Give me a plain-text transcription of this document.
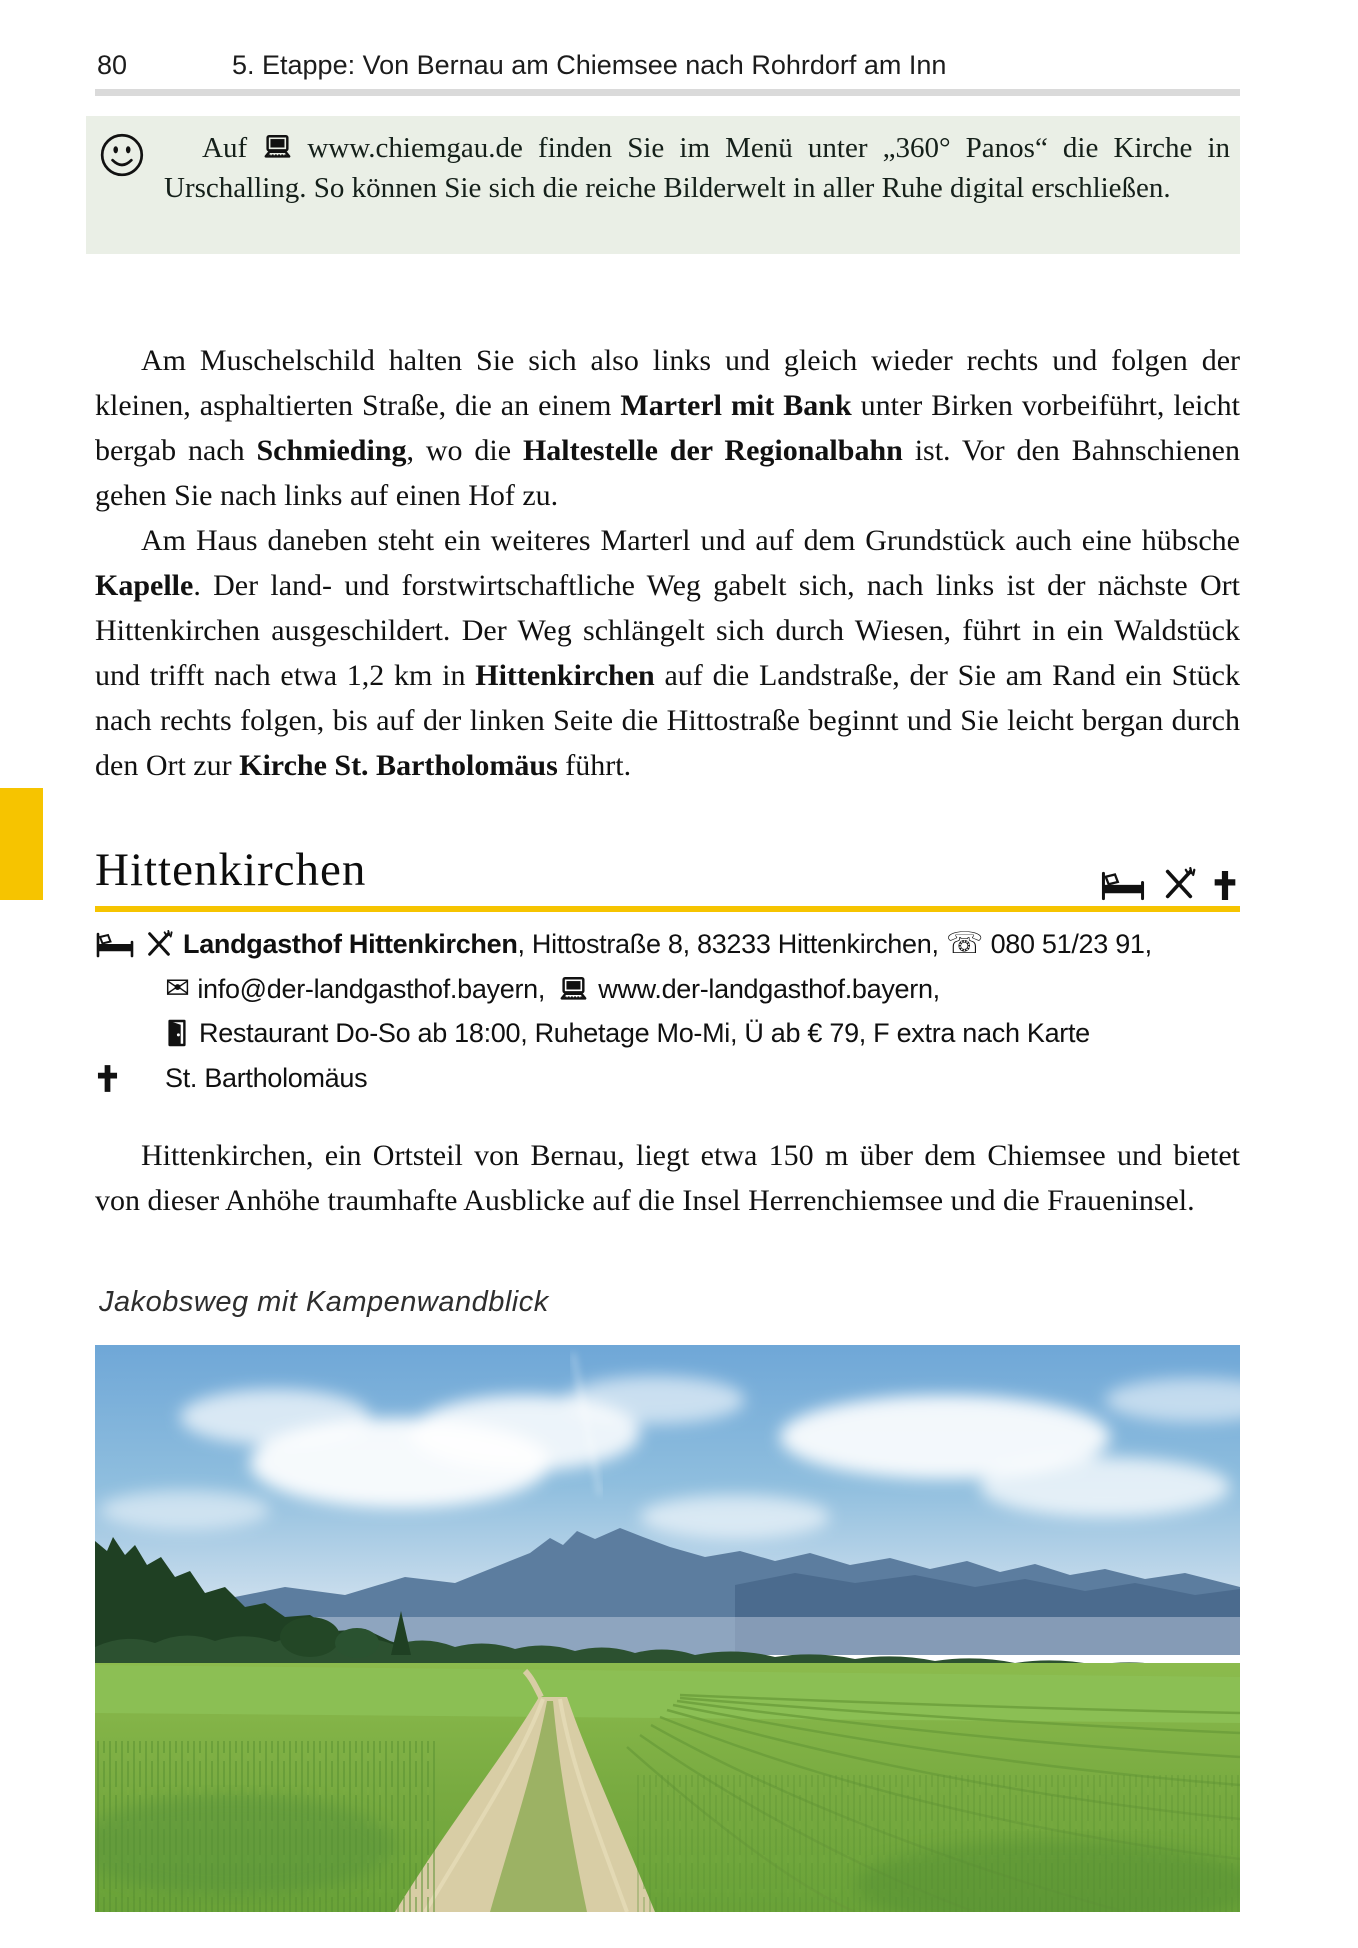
80	5. Etappe: Von Bernau am Chiemsee nach Rohrdorf am Inn
Auf www.chiemgau.de finden Sie im Menü unter „360° Panos“ die Kirche in Urschalling. So können Sie sich die reiche Bilderwelt in aller Ruhe digital erschließen.

Am Muschelschild halten Sie sich also links und gleich wieder rechts und folgen der kleinen, asphaltierten Straße, die an einem Marterl mit Bank unter Birken vorbeiführt, leicht bergab nach Schmieding, wo die Haltestelle der Regionalbahn ist. Vor den Bahnschienen gehen Sie nach links auf einen Hof zu.

Am Haus daneben steht ein weiteres Marterl und auf dem Grundstück auch eine hübsche Kapelle. Der land- und forstwirtschaftliche Weg gabelt sich, nach links ist der nächste Ort Hittenkirchen ausgeschildert. Der Weg schlängelt sich durch Wiesen, führt in ein Waldstück und trifft nach etwa 1,2 km in Hittenkirchen auf die Landstraße, der Sie am Rand ein Stück nach rechts folgen, bis auf der linken Seite die Hittostraße beginnt und Sie leicht bergan durch den Ort zur Kirche St. Bartholomäus führt.

Hittenkirchen
Landgasthof Hittenkirchen, Hittostraße 8, 83233 Hittenkirchen, ☏ 080 51/23 91,
✉ info@der-landgasthof.bayern, www.der-landgasthof.bayern,
Restaurant Do-So ab 18:00, Ruhetage Mo-Mi, Ü ab € 79, F extra nach Karte
St. Bartholomäus

Hittenkirchen, ein Ortsteil von Bernau, liegt etwa 150 m über dem Chiemsee und bietet von dieser Anhöhe traumhafte Ausblicke auf die Insel Herrenchiemsee und die Fraueninsel.

Jakobsweg mit Kampenwandblick
